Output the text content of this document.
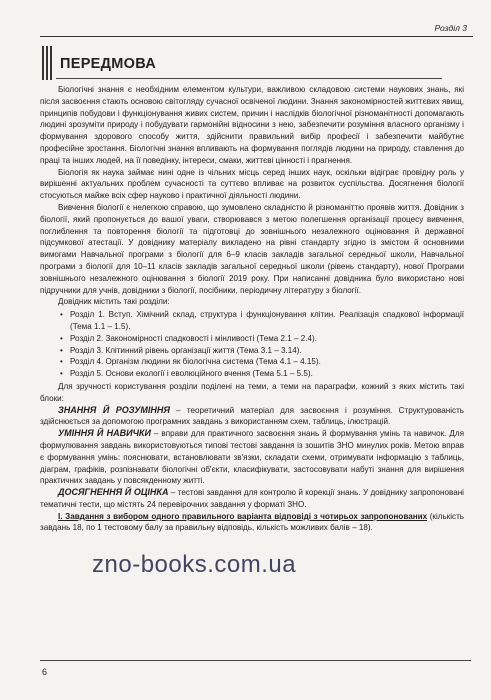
Розділ 3
ПЕРЕДМОВА

Біологічні знання є необхідним елементом культури, важливою складовою системи наукових знань, які після засвоєння стають основою світогляду сучасної освіченої людини. Знання закономірностей життєвих явищ, принципів побудови і функціонування живих систем, причин і наслідків біологічної різноманітності допомагають людині зрозуміти природу і побудувати гармонійні відносини з нею, забезпечити розуміння власного організму і формування здорового способу життя, здійснити правильний вибір професії і забезпечити майбутнє професійне зростання. Біологічні знання впливають на формування поглядів людини на природу, ставлення до праці та інших людей, на її поведінку, інтереси, смаки, життєві цінності і прагнення.

Біологія як наука займає нині одне із чільних місць серед інших наук, оскільки відіграє провідну роль у вирішенні актуальних проблем сучасності та суттєво впливає на розвиток суспільства. Досягнення біології стосуються майже всіх сфер науково і практичної діяльності людини.

Вивчення біології є нелегкою справою, що зумовлено складністю й різноманіттю проявів життя. Довідник з біології, який пропонується до вашої уваги, створювався з метою полегшення організації процесу вивчення, поглиблення та повторення біології та підготовці до зовнішнього незалежного оцінювання й державної підсумкової атестації. У довіднику матеріалу викладено на рівні стандарту згідно із змістом й основними вимогами Навчальної програми з біології для 6–9 класів закладів загальної середньої школи, Навчальної програми з біології для 10–11 класів закладів загальної середньої школи (рівень стандарту), нової Програми зовнішнього незалежного оцінювання з біології 2019 року. При написанні довідника було використано нові підручники для учнів, довідники з біології, посібники, періодичну літературу з біології.

Довідник містить такі розділи:

• Розділ 1. Вступ. Хімічний склад, структура і функціонування клітин. Реалізація спадкової інформації (Тема 1.1 – 1.5).
• Розділ 2. Закономірності спадковості і мінливості (Тема 2.1 – 2.4).
• Розділ 3. Клітинний рівень організації життя (Тема 3.1 – 3.14).
• Розділ 4. Організм людини як біологічна система (Тема 4.1 – 4.15).
• Розділ 5. Основи екології і еволюційного вчення (Тема 5.1 – 5.5).

Для зручності користування розділи поділені на теми, а теми на параграфи, кожний з яких містить такі блоки:

ЗНАННЯ Й РОЗУМІННЯ – теоретичний матеріал для засвоєння і розуміння. Структурованість здійснюється за допомогою програмних завдань з використанням схем, таблиць, ілюстрацій.

УМІННЯ Й НАВИЧКИ – вправи для практичного засвоєння знань й формування умінь та навичок. Для формулювання завдань використовуються типові тестові завдання із зошитів ЗНО минулих років. Метою вправ є формування умінь: пояснювати, встановлювати зв'язки, складати схеми, отримувати інформацію з таблиць, діаграм, графіків, розпізнавати біологічні об'єкти, класифікувати, застосовувати набуті знання для вирішення практичних завдань у повсякденному житті.

ДОСЯГНЕННЯ Й ОЦІНКА – тестові завдання для контролю й корекції знань. У довіднику запропоновані тематичні тести, що містять 24 перевірочних завдання у форматі ЗНО.

І. Завдання з вибором одного правильного варіанта відповіді з чотирьох запропонованих (кількість завдань 18, по 1 тестовому балу за правильну відповідь, кількість можливих балів – 18).

zno-books.com.ua
6
